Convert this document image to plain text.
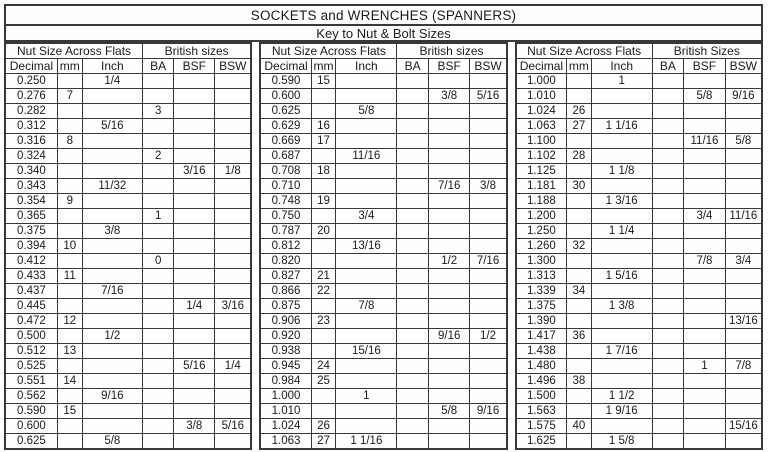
SOCKETS and WRENCHES (SPANNERS)
Key to Nut & Bolt Sizes
Nut Size Across Flats			British sizes		
Decimal	mm	Inch	BA	BSF	BSW
0.250		1/4			
0.276	7				
0.282			3		
0.312		5/16			
0.316	8				
0.324			2		
0.340				3/16	1/8
0.343		11/32			
0.354	9				
0.365			1		
0.375		3/8			
0.394	10				
0.412			0		
0.433	11				
0.437		7/16			
0.445				1/4	3/16
0.472	12				
0.500		1/2			
0.512	13				
0.525				5/16	1/4
0.551	14				
0.562		9/16			
0.590	15				
0.600				3/8	5/16
0.625		5/8			
Nut Size Across Flats			British sizes		
Decimal	mm	Inch	BA	BSF	BSW
0.590	15				
0.600				3/8	5/16
0.625		5/8			
0.629	16				
0.669	17				
0.687		11/16			
0.708	18				
0.710				7/16	3/8
0.748	19				
0.750		3/4			
0.787	20				
0.812		13/16			
0.820				1/2	7/16
0.827	21				
0.866	22				
0.875		7/8			
0.906	23				
0.920				9/16	1/2
0.938		15/16			
0.945	24				
0.984	25				
1.000		1			
1.010				5/8	9/16
1.024	26				
1.063	27	1 1/16			
Nut Size Across Flats			British Sizes		
Decimal	mm	Inch	BA	BSF	BSW
1.000		1			
1.010				5/8	9/16
1.024	26				
1.063	27	1 1/16			
1.100				11/16	5/8
1.102	28				
1.125		1 1/8			
1.181	30				
1.188		1 3/16			
1.200				3/4	11/16
1.250		1 1/4			
1.260	32				
1.300				7/8	3/4
1.313		1 5/16			
1.339	34				
1.375		1 3/8			
1.390					13/16
1.417	36				
1.438		1 7/16			
1.480				1	7/8
1.496	38				
1.500		1 1/2			
1.563		1 9/16			
1.575	40				15/16
1.625		1 5/8			
